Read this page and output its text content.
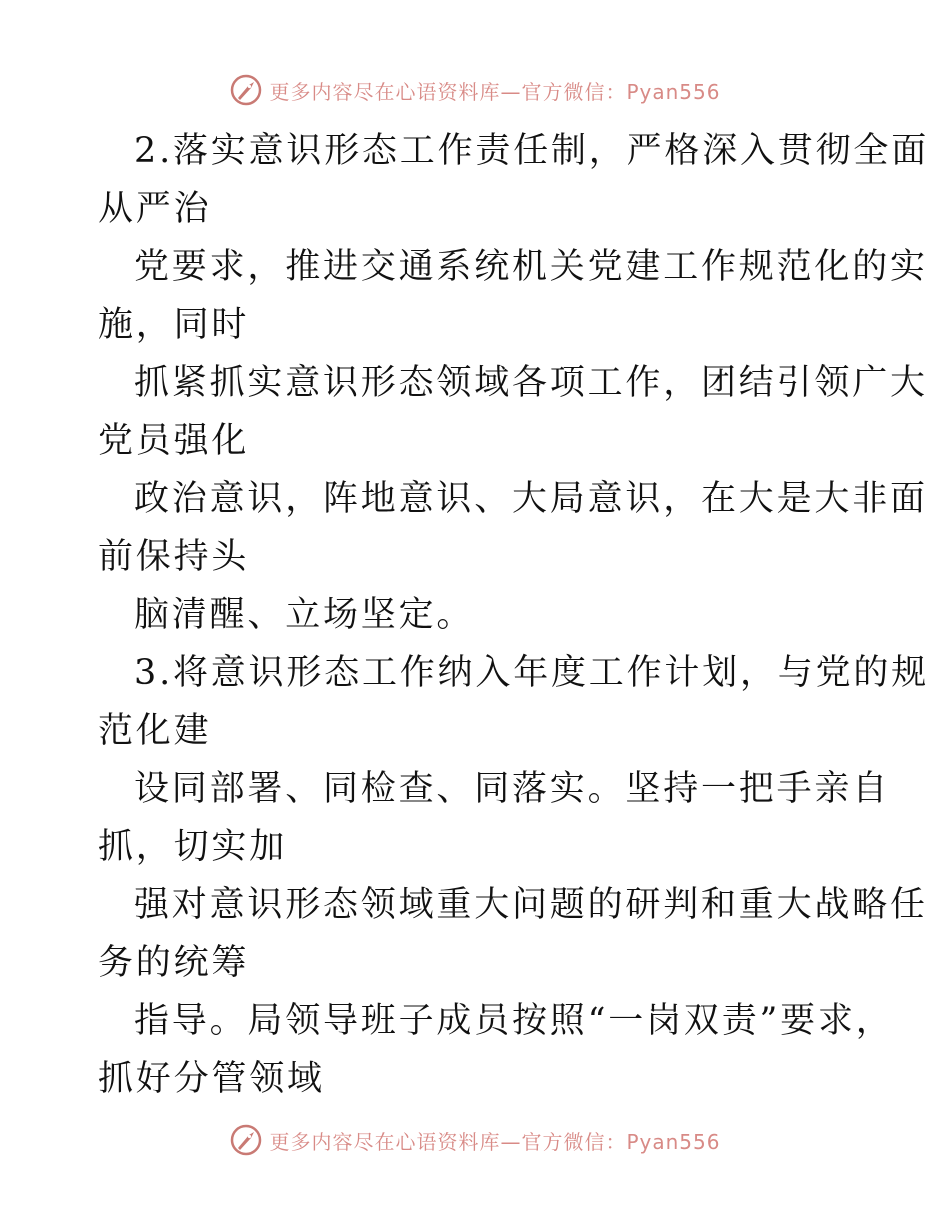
更多内容尽在心语资料库—官方微信：Pyan556
2.落实意识形态工作责任制，严格深入贯彻全面
从严治
党要求，推进交通系统机关党建工作规范化的实
施，同时
抓紧抓实意识形态领域各项工作，团结引领广大
党员强化
政治意识，阵地意识、大局意识，在大是大非面
前保持头
脑清醒、立场坚定。
3.将意识形态工作纳入年度工作计划，与党的规
范化建
设同部署、同检查、同落实。坚持一把手亲自
抓，切实加
强对意识形态领域重大问题的研判和重大战略任
务的统筹
指导。局领导班子成员按照“一岗双责”要求，
抓好分管领域
更多内容尽在心语资料库—官方微信：Pyan556
